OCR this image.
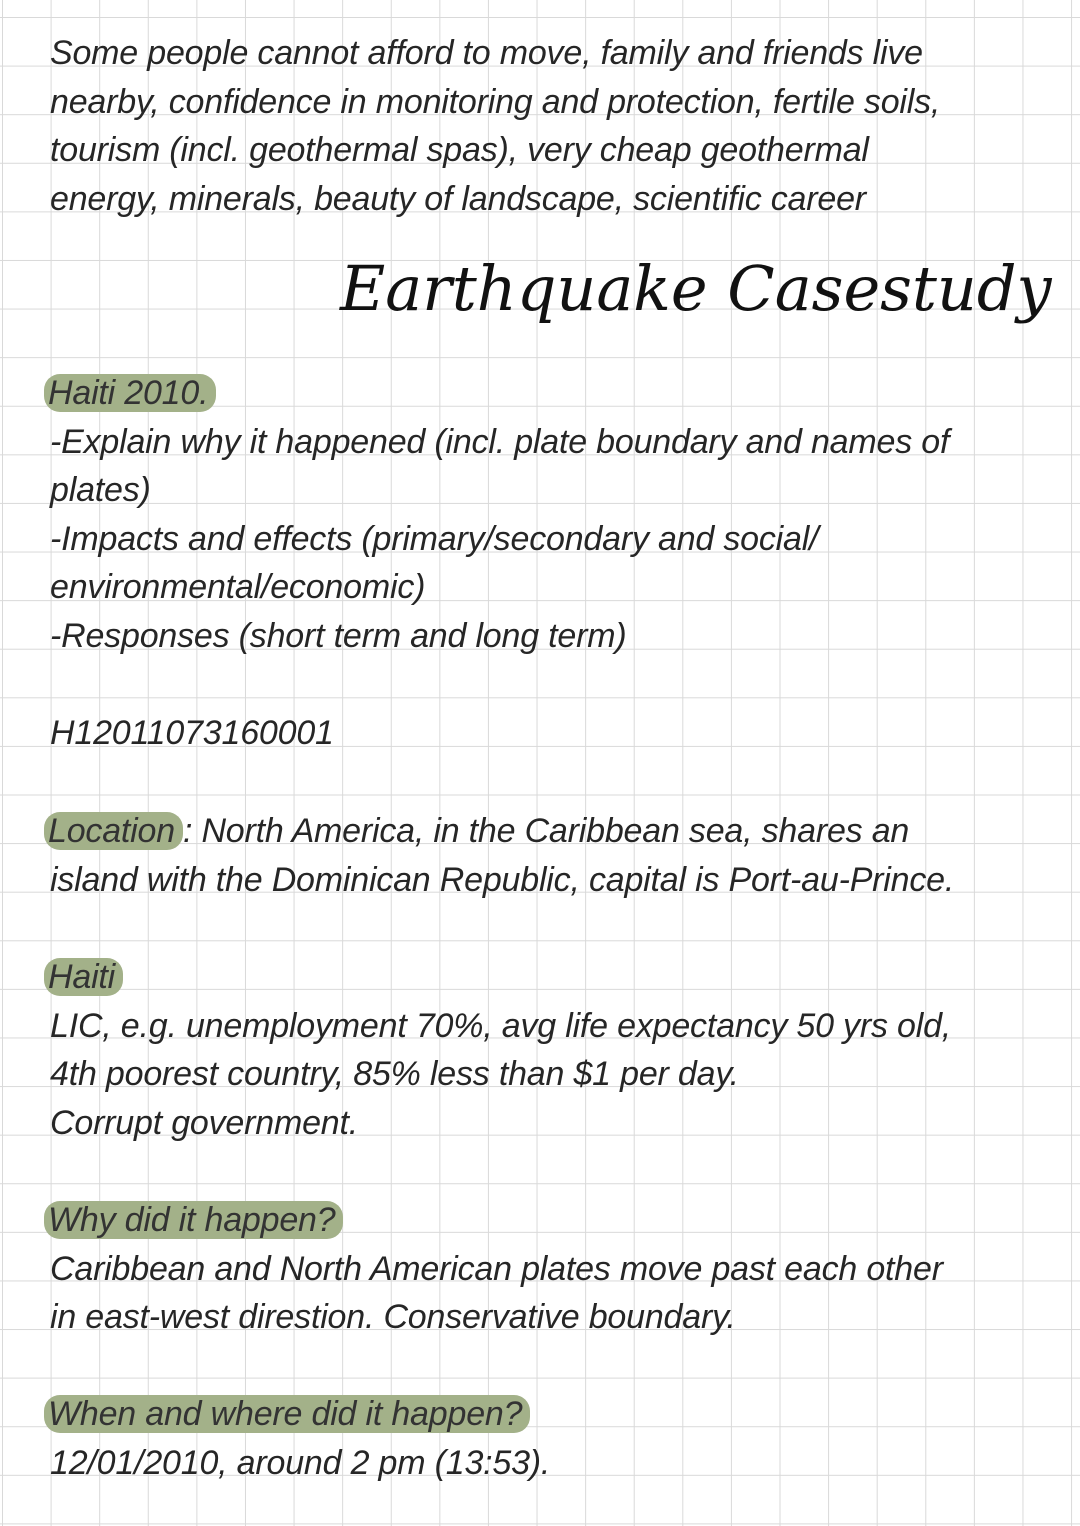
Some people cannot afford to move, family and friends live
nearby, confidence in monitoring and protection, fertile soils,
tourism (incl. geothermal spas), very cheap geothermal
energy, minerals, beauty of landscape, scientific career

Earthquake Casestudy

Haiti 2010.

-Explain why it happened (incl. plate boundary and names of
plates)

-Impacts and effects (primary/secondary and social/
environmental/economic)

-Responses (short term and long term)

H12011073160001

Location : North America, in the Caribbean sea, shares an
island with the Dominican Republic, capital is Port-au-Prince.

Haiti

LIC, e.g. unemployment 70%, avg life expectancy 50 yrs old,
4th poorest country, 85% less than $1 per day.

Corrupt government.

Why did it happen?

Caribbean and North American plates move past each other
in east-west direstion. Conservative boundary.

When and where did it happen?

12/01/2010, around 2 pm (13:53).
